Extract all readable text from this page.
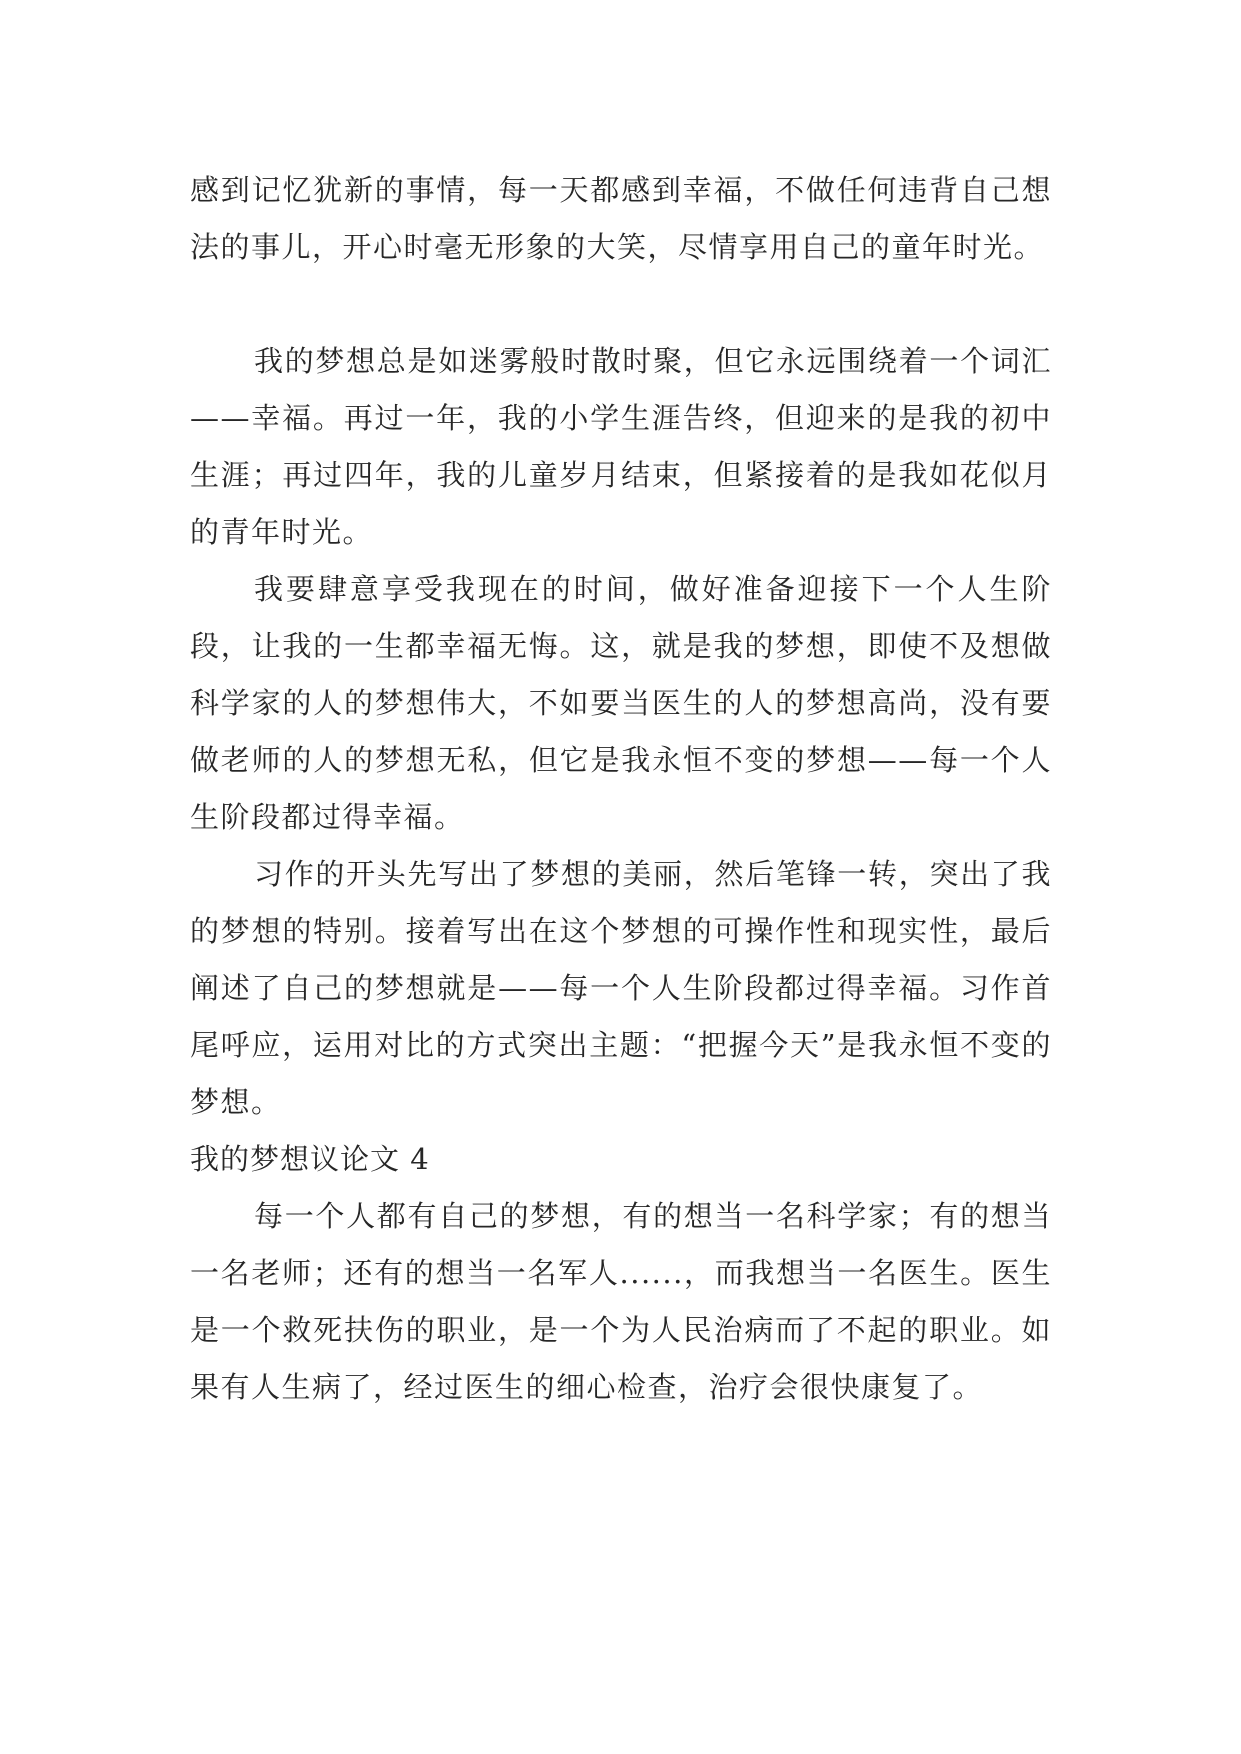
感到记忆犹新的事情，每一天都感到幸福，不做任何违背自己想法的事儿，开心时毫无形象的大笑，尽情享用自己的童年时光。

我的梦想总是如迷雾般时散时聚，但它永远围绕着一个词汇——幸福。再过一年，我的小学生涯告终，但迎来的是我的初中生涯；再过四年，我的儿童岁月结束，但紧接着的是我如花似月的青年时光。

我要肆意享受我现在的时间，做好准备迎接下一个人生阶段，让我的一生都幸福无悔。这，就是我的梦想，即使不及想做科学家的人的梦想伟大，不如要当医生的人的梦想高尚，没有要做老师的人的梦想无私，但它是我永恒不变的梦想——每一个人生阶段都过得幸福。

习作的开头先写出了梦想的美丽，然后笔锋一转，突出了我的梦想的特别。接着写出在这个梦想的可操作性和现实性，最后阐述了自己的梦想就是——每一个人生阶段都过得幸福。习作首尾呼应，运用对比的方式突出主题：“把握今天”是我永恒不变的梦想。

我的梦想议论文 4

每一个人都有自己的梦想，有的想当一名科学家；有的想当一名老师；还有的想当一名军人......，而我想当一名医生。医生是一个救死扶伤的职业，是一个为人民治病而了不起的职业。如果有人生病了，经过医生的细心检查，治疗会很快康复了。
